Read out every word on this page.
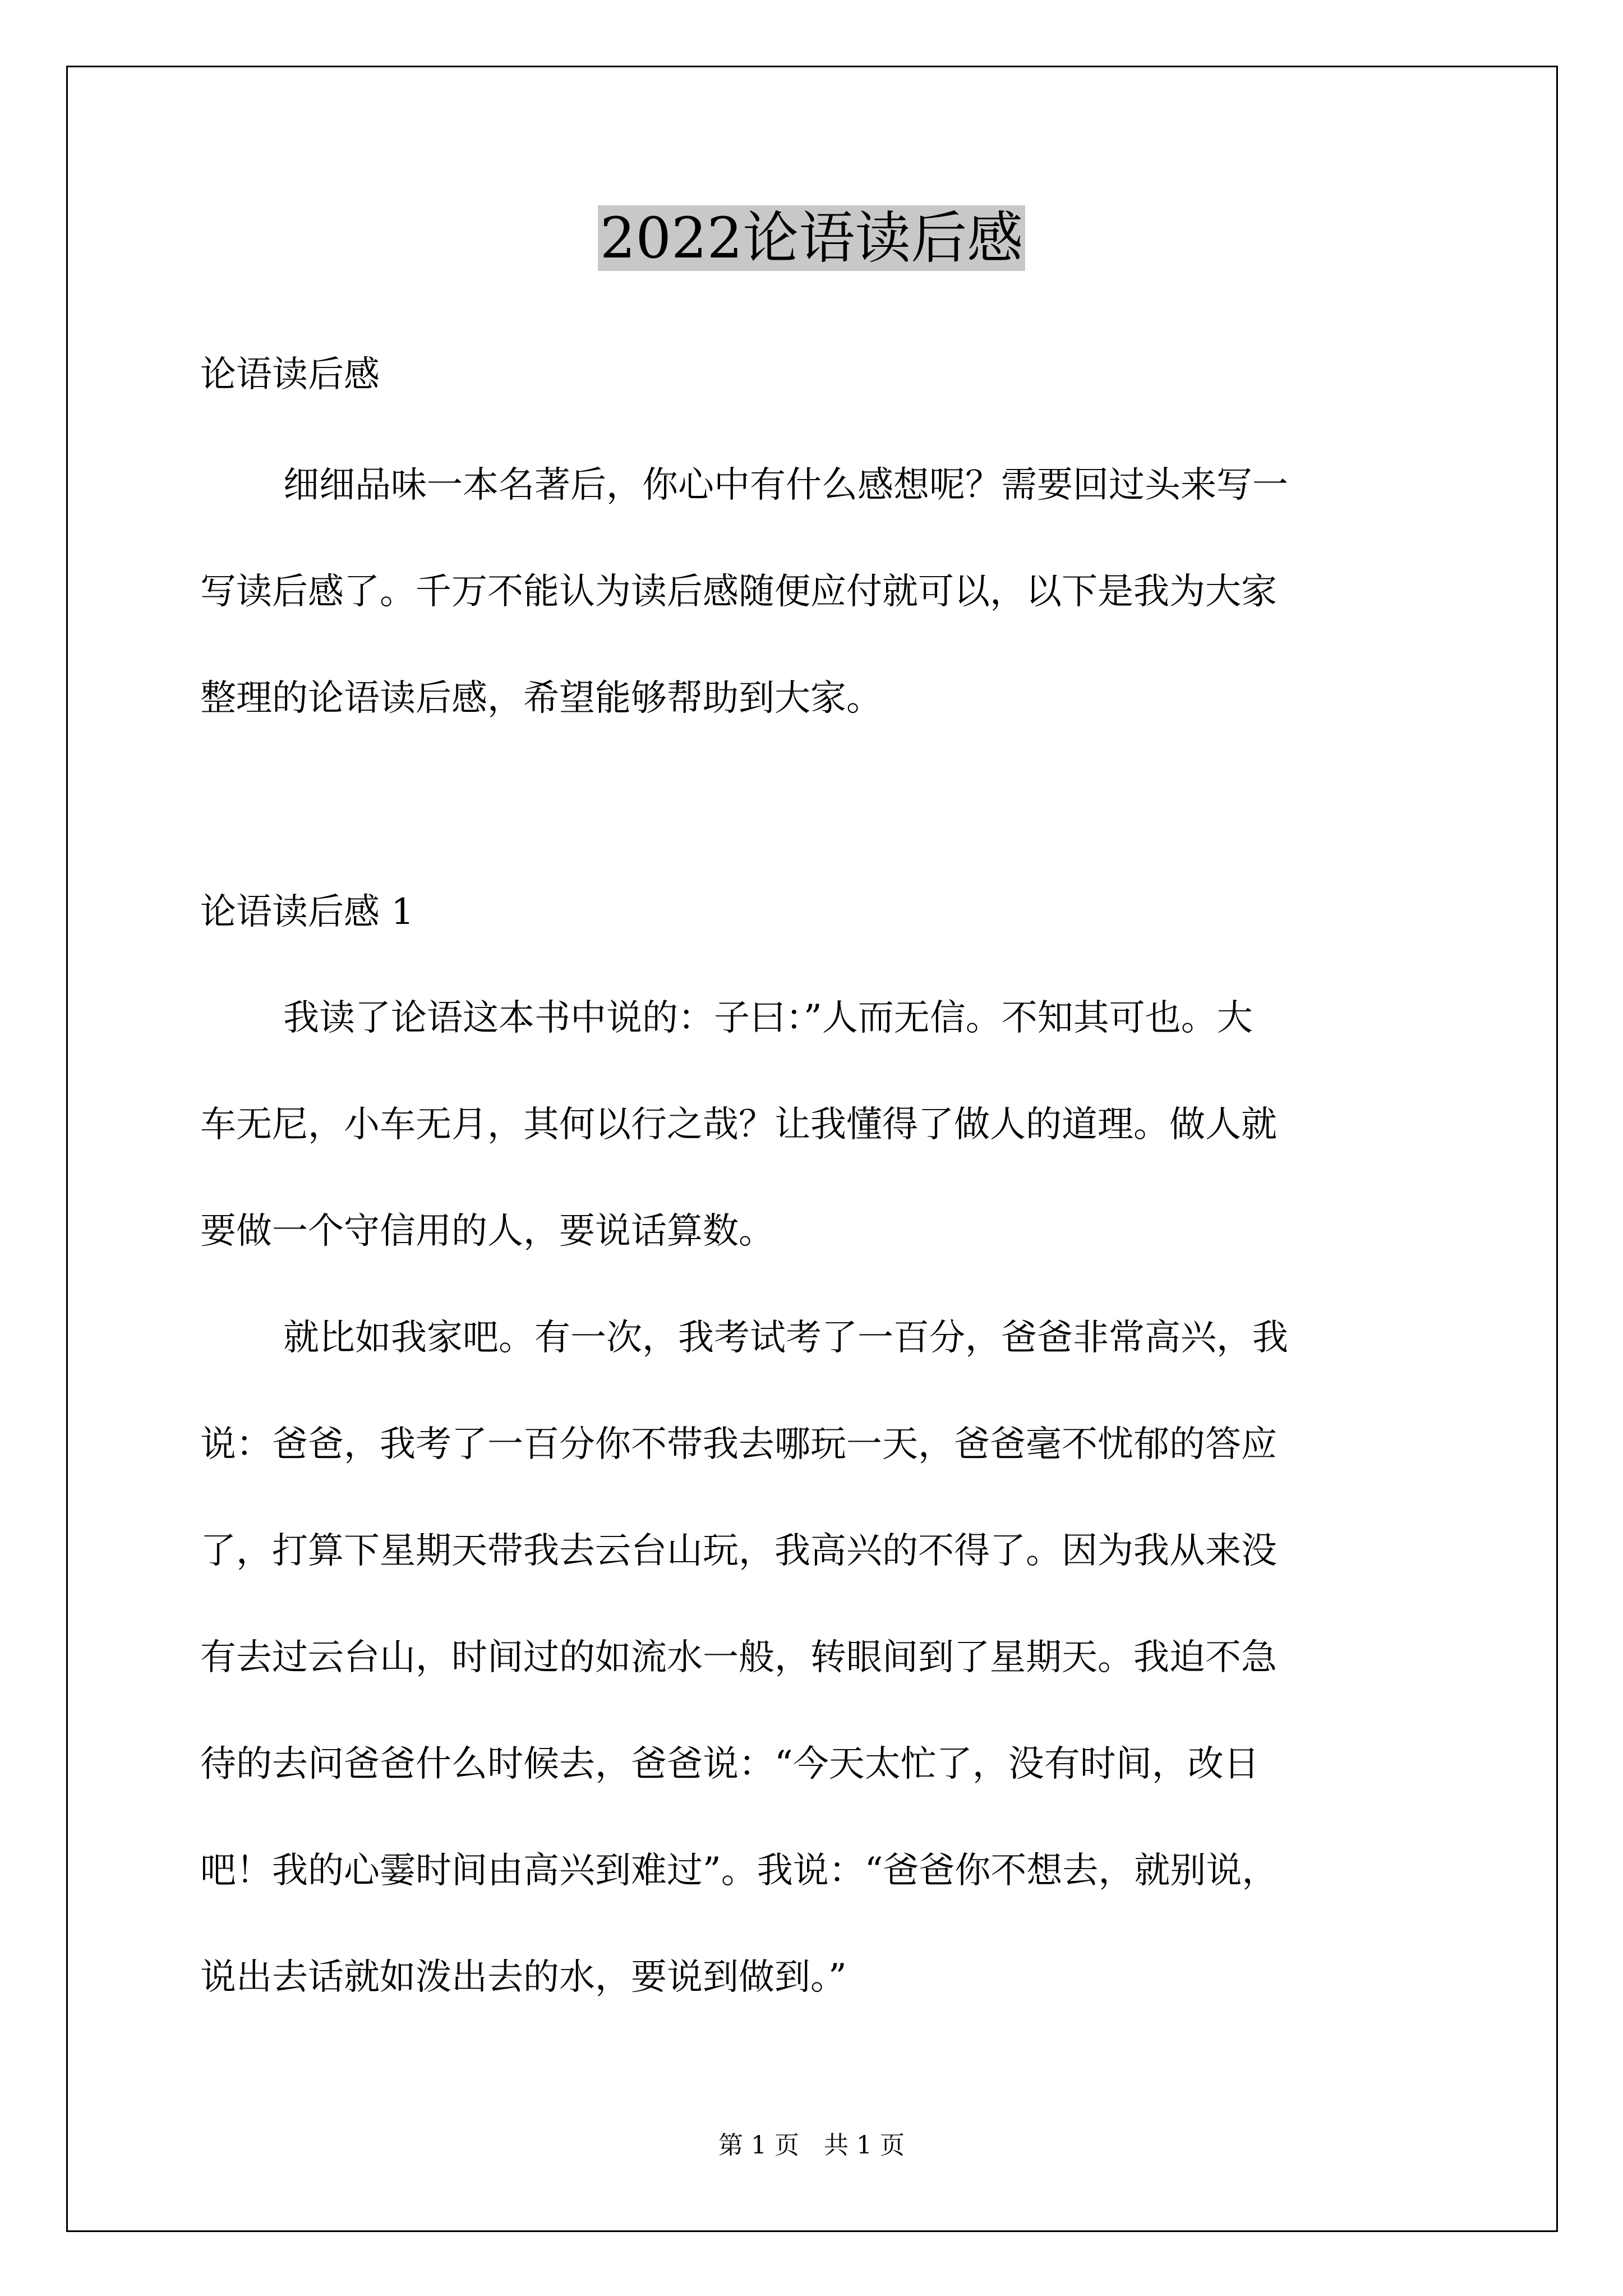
2022论语读后感

论语读后感

细细品味一本名著后，你心中有什么感想呢？需要回过头来写一
写读后感了。千万不能认为读后感随便应付就可以，以下是我为大家
整理的论语读后感，希望能够帮助到大家。

论语读后感 1

我读了论语这本书中说的：子曰：”人而无信。不知其可也。大
车无尼，小车无月，其何以行之哉？让我懂得了做人的道理。做人就
要做一个守信用的人，要说话算数。

就比如我家吧。有一次，我考试考了一百分，爸爸非常高兴，我
说：爸爸，我考了一百分你不带我去哪玩一天，爸爸毫不忧郁的答应
了，打算下星期天带我去云台山玩，我高兴的不得了。因为我从来没
有去过云台山，时间过的如流水一般，转眼间到了星期天。我迫不急
待的去问爸爸什么时候去，爸爸说：“今天太忙了，没有时间，改日
吧！我的心霎时间由高兴到难过”。我说：“爸爸你不想去，就别说，
说出去话就如泼出去的水，要说到做到。”

第 1 页　共 1 页
